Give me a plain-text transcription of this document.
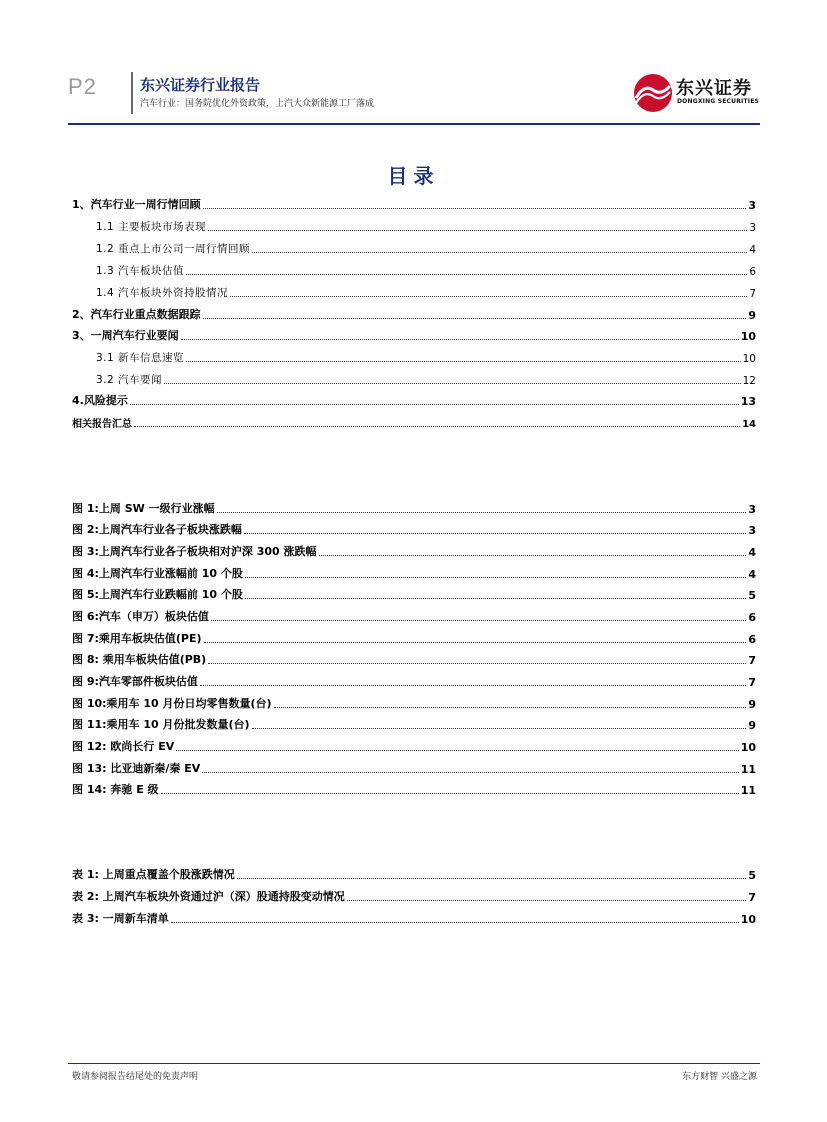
P2	东兴证券行业报告
汽车行业：国务院优化外资政策，上汽大众新能源工厂落成
东兴证券
DONGXING SECURITIES
目录
1、汽车行业一周行情回顾	3
1.1 主要板块市场表现	3
1.2 重点上市公司一周行情回顾	4
1.3 汽车板块估值	6
1.4 汽车板块外资持股情况	7
2、汽车行业重点数据跟踪	9
3、一周汽车行业要闻	10
3.1 新车信息速览	10
3.2 汽车要闻	12
4.风险提示	13
相关报告汇总	14
图 1:上周 SW 一级行业涨幅	3
图 2:上周汽车行业各子板块涨跌幅	3
图 3:上周汽车行业各子板块相对沪深 300 涨跌幅	4
图 4:上周汽车行业涨幅前 10 个股	4
图 5:上周汽车行业跌幅前 10 个股	5
图 6:汽车（申万）板块估值	6
图 7:乘用车板块估值(PE)	6
图 8: 乘用车板块估值(PB)	7
图 9:汽车零部件板块估值	7
图 10:乘用车 10 月份日均零售数量(台)	9
图 11:乘用车 10 月份批发数量(台)	9
图 12: 欧尚长行 EV	10
图 13: 比亚迪新秦/秦 EV	11
图 14: 奔驰 E 级	11
表 1: 上周重点覆盖个股涨跌情况	5
表 2: 上周汽车板块外资通过沪（深）股通持股变动情况	7
表 3: 一周新车清单	10
敬请参阅报告结尾处的免责声明	东方财智 兴盛之源
